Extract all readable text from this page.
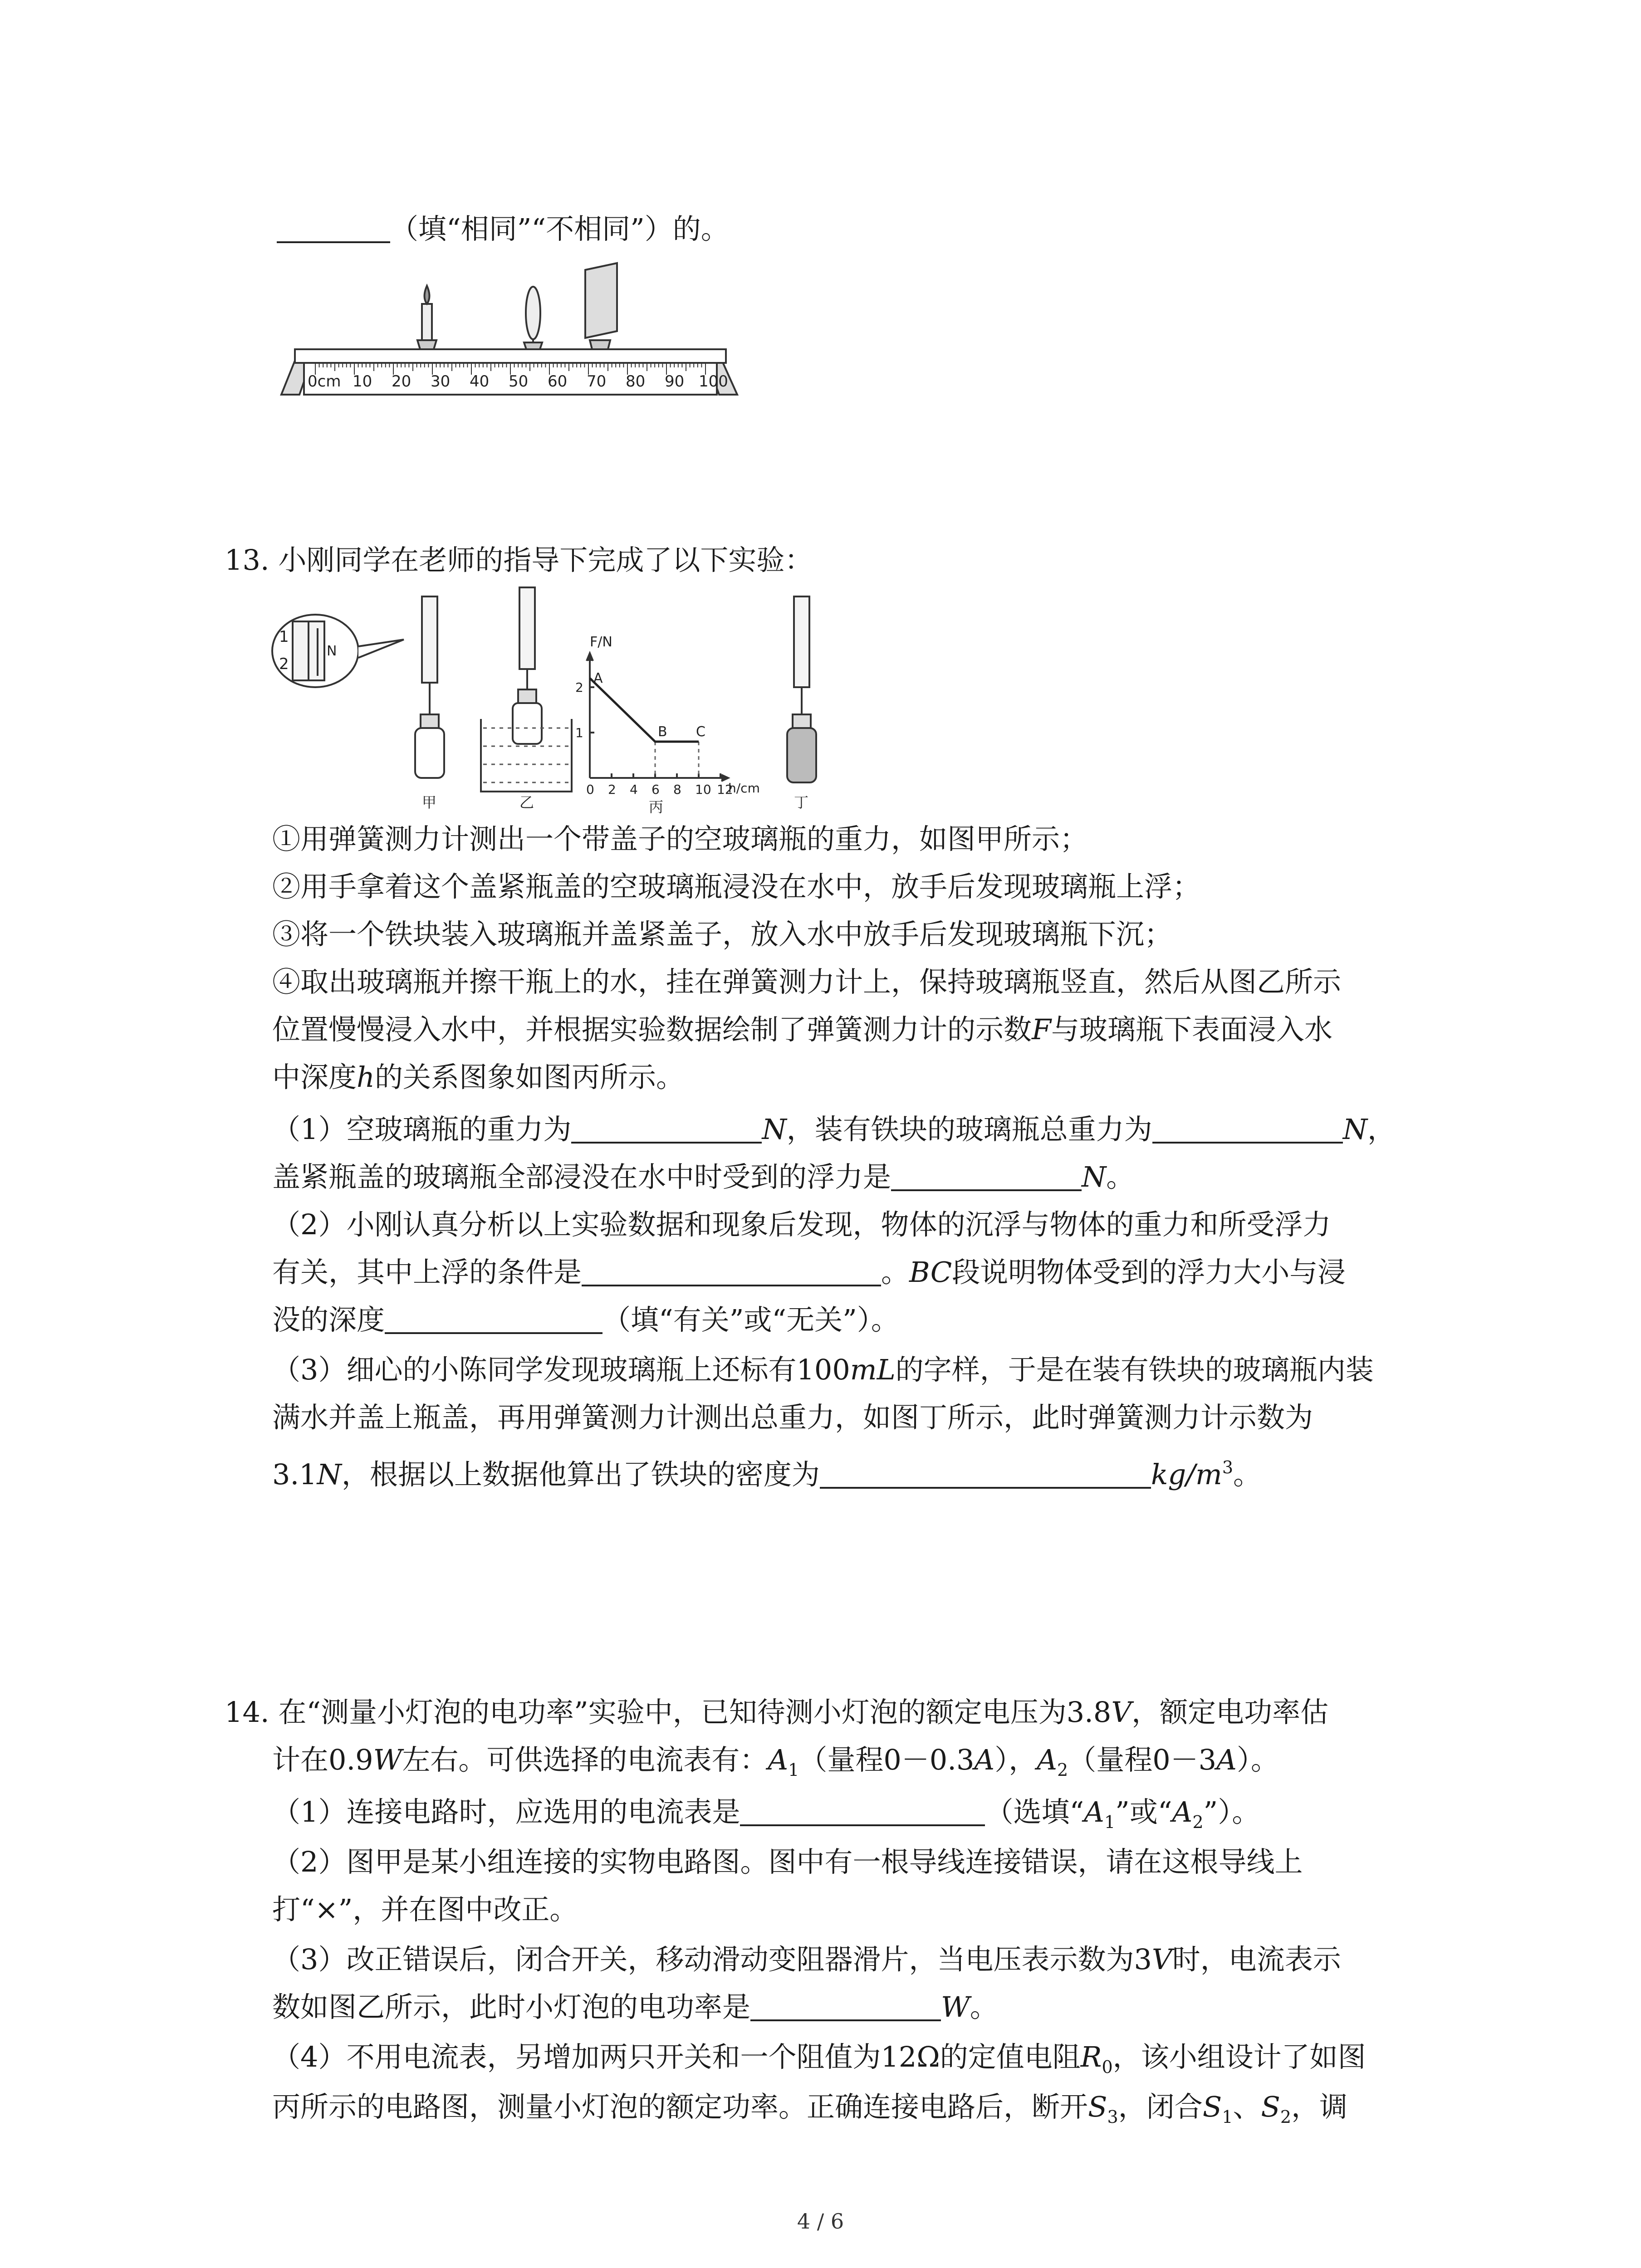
（填“相同”“不相同”）的。
0cm 10 20 30 40 50 60 70 80 90 100
13. 小刚同学在老师的指导下完成了以下实验：
1
2
N
F/N
h/cm
1
2
0 2 4 6 8 10 12
A
B C
甲	乙	丙	丁
①用弹簧测力计测出一个带盖子的空玻璃瓶的重力，如图甲所示；
②用手拿着这个盖紧瓶盖的空玻璃瓶浸没在水中，放手后发现玻璃瓶上浮；
③将一个铁块装入玻璃瓶并盖紧盖子，放入水中放手后发现玻璃瓶下沉；
④取出玻璃瓶并擦干瓶上的水，挂在弹簧测力计上，保持玻璃瓶竖直，然后从图乙所示
位置慢慢浸入水中，并根据实验数据绘制了弹簧测力计的示数F与玻璃瓶下表面浸入水
中深度h的关系图象如图丙所示。
（1）空玻璃瓶的重力为	N，装有铁块的玻璃瓶总重力为	N，
盖紧瓶盖的玻璃瓶全部浸没在水中时受到的浮力是	N。
（2）小刚认真分析以上实验数据和现象后发现，物体的沉浮与物体的重力和所受浮力
有关，其中上浮的条件是	。BC段说明物体受到的浮力大小与浸
没的深度	（填“有关”或“无关”）。
（3）细心的小陈同学发现玻璃瓶上还标有100mL的字样，于是在装有铁块的玻璃瓶内装
满水并盖上瓶盖，再用弹簧测力计测出总重力，如图丁所示，此时弹簧测力计示数为
3.1N，根据以上数据他算出了铁块的密度为	$kg/m^3$。
14. 在“测量小灯泡的电功率”实验中，已知待测小灯泡的额定电压为3.8V，额定电功率估
计在0.9W左右。可供选择的电流表有：$A_1$（量程0－0.3A），$A_2$（量程0－3A）。
（1）连接电路时，应选用的电流表是	（选填“$A_1$”或“$A_2$”）。
（2）图甲是某小组连接的实物电路图。图中有一根导线连接错误，请在这根导线上
打“×”，并在图中改正。
（3）改正错误后，闭合开关，移动滑动变阻器滑片，当电压表示数为3V时，电流表示
数如图乙所示，此时小灯泡的电功率是	W。
（4）不用电流表，另增加两只开关和一个阻值为12Ω的定值电阻$R_0$，该小组设计了如图
丙所示的电路图，测量小灯泡的额定功率。正确连接电路后，断开$S_3$，闭合$S_1$、$S_2$，调
4 / 6
